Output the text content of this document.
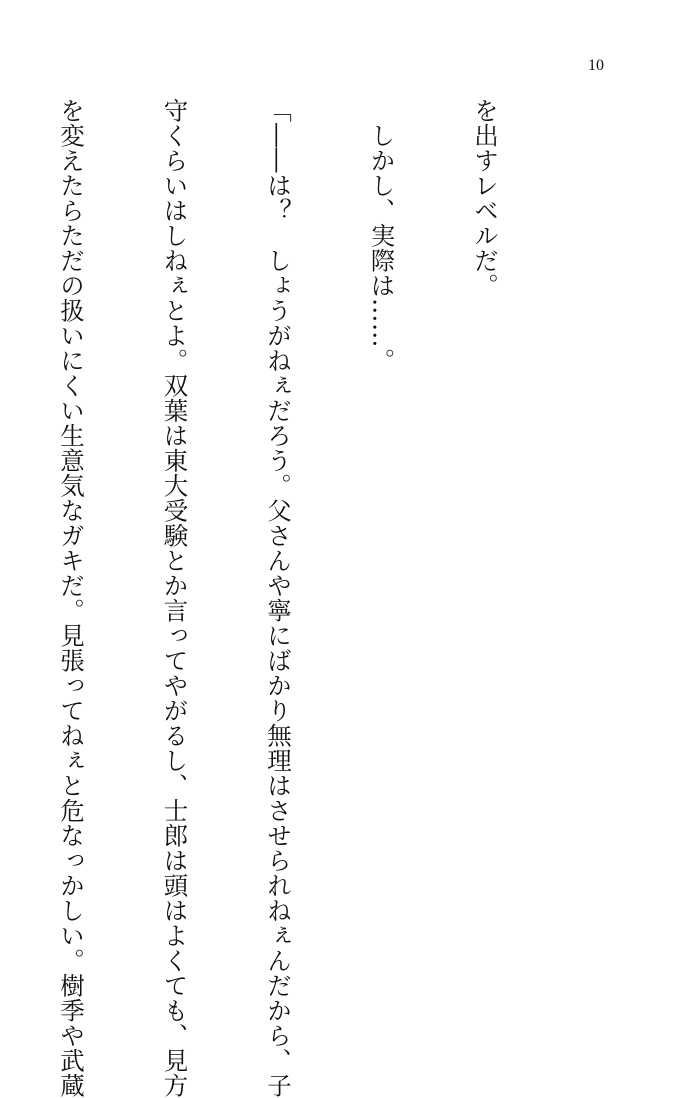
10

を出すレベルだ。

　しかし、実際は……。

「――は？　しょうがねぇだろう。父さんや寧にばかり無理はさせられねぇんだから、子

守くらいはしねぇとよ。双葉は東大受験とか言ってやがるし、士郎は頭はよくても、見方

を変えたらただの扱いにくい生意気なガキだ。見張ってねぇと危なっかしい。樹季や武蔵
